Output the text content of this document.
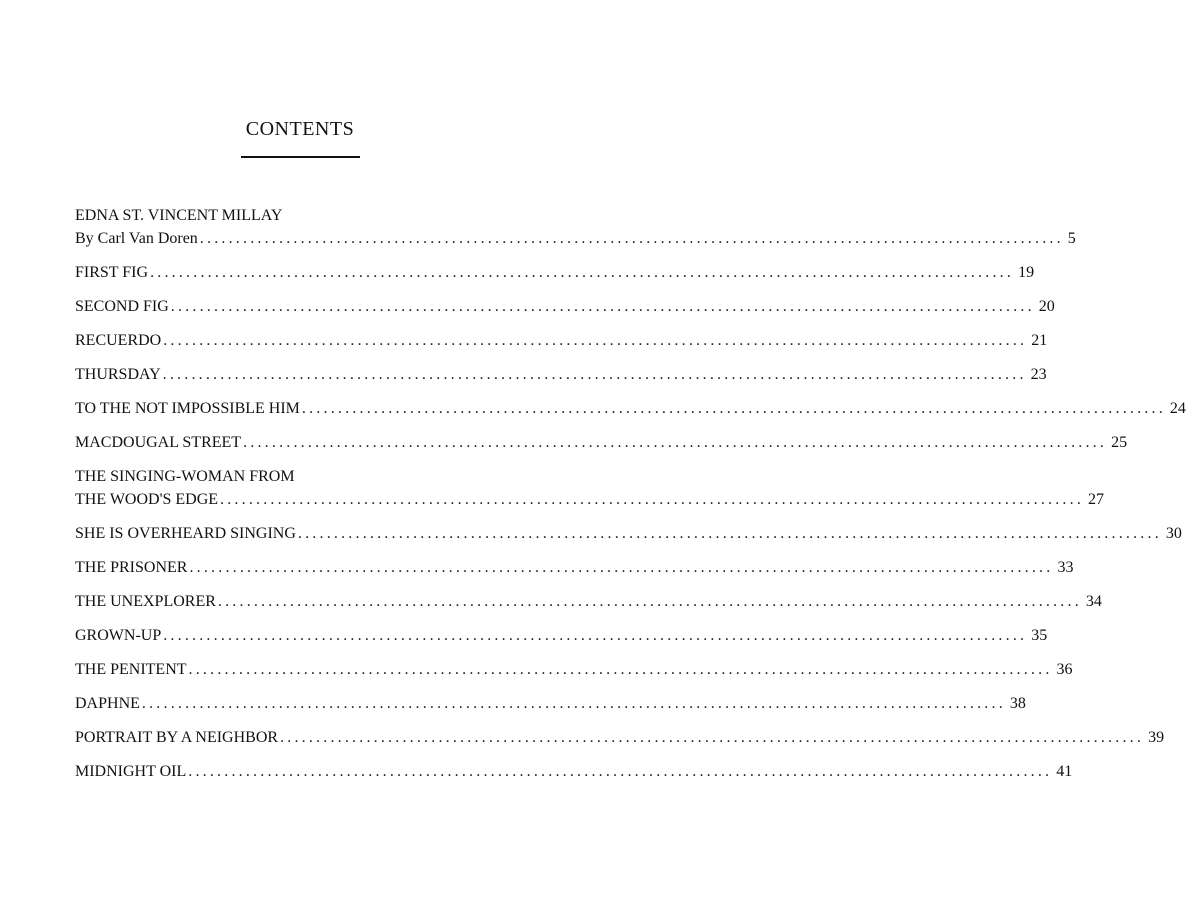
CONTENTS
EDNA ST. VINCENT MILLAY
By Carl Van Doren ........................................................................................................................ 5
FIRST FIG ........................................................................................................................ 19
SECOND FIG ........................................................................................................................ 20
RECUERDO ........................................................................................................................ 21
THURSDAY ........................................................................................................................ 23
TO THE NOT IMPOSSIBLE HIM ........................................................................................................................ 24
MACDOUGAL STREET ........................................................................................................................ 25
THE SINGING-WOMAN FROM
THE WOOD'S EDGE ........................................................................................................................ 27
SHE IS OVERHEARD SINGING ........................................................................................................................ 30
THE PRISONER ........................................................................................................................ 33
THE UNEXPLORER ........................................................................................................................ 34
GROWN-UP ........................................................................................................................ 35
THE PENITENT ........................................................................................................................ 36
DAPHNE ........................................................................................................................ 38
PORTRAIT BY A NEIGHBOR ........................................................................................................................ 39
MIDNIGHT OIL ........................................................................................................................ 41
